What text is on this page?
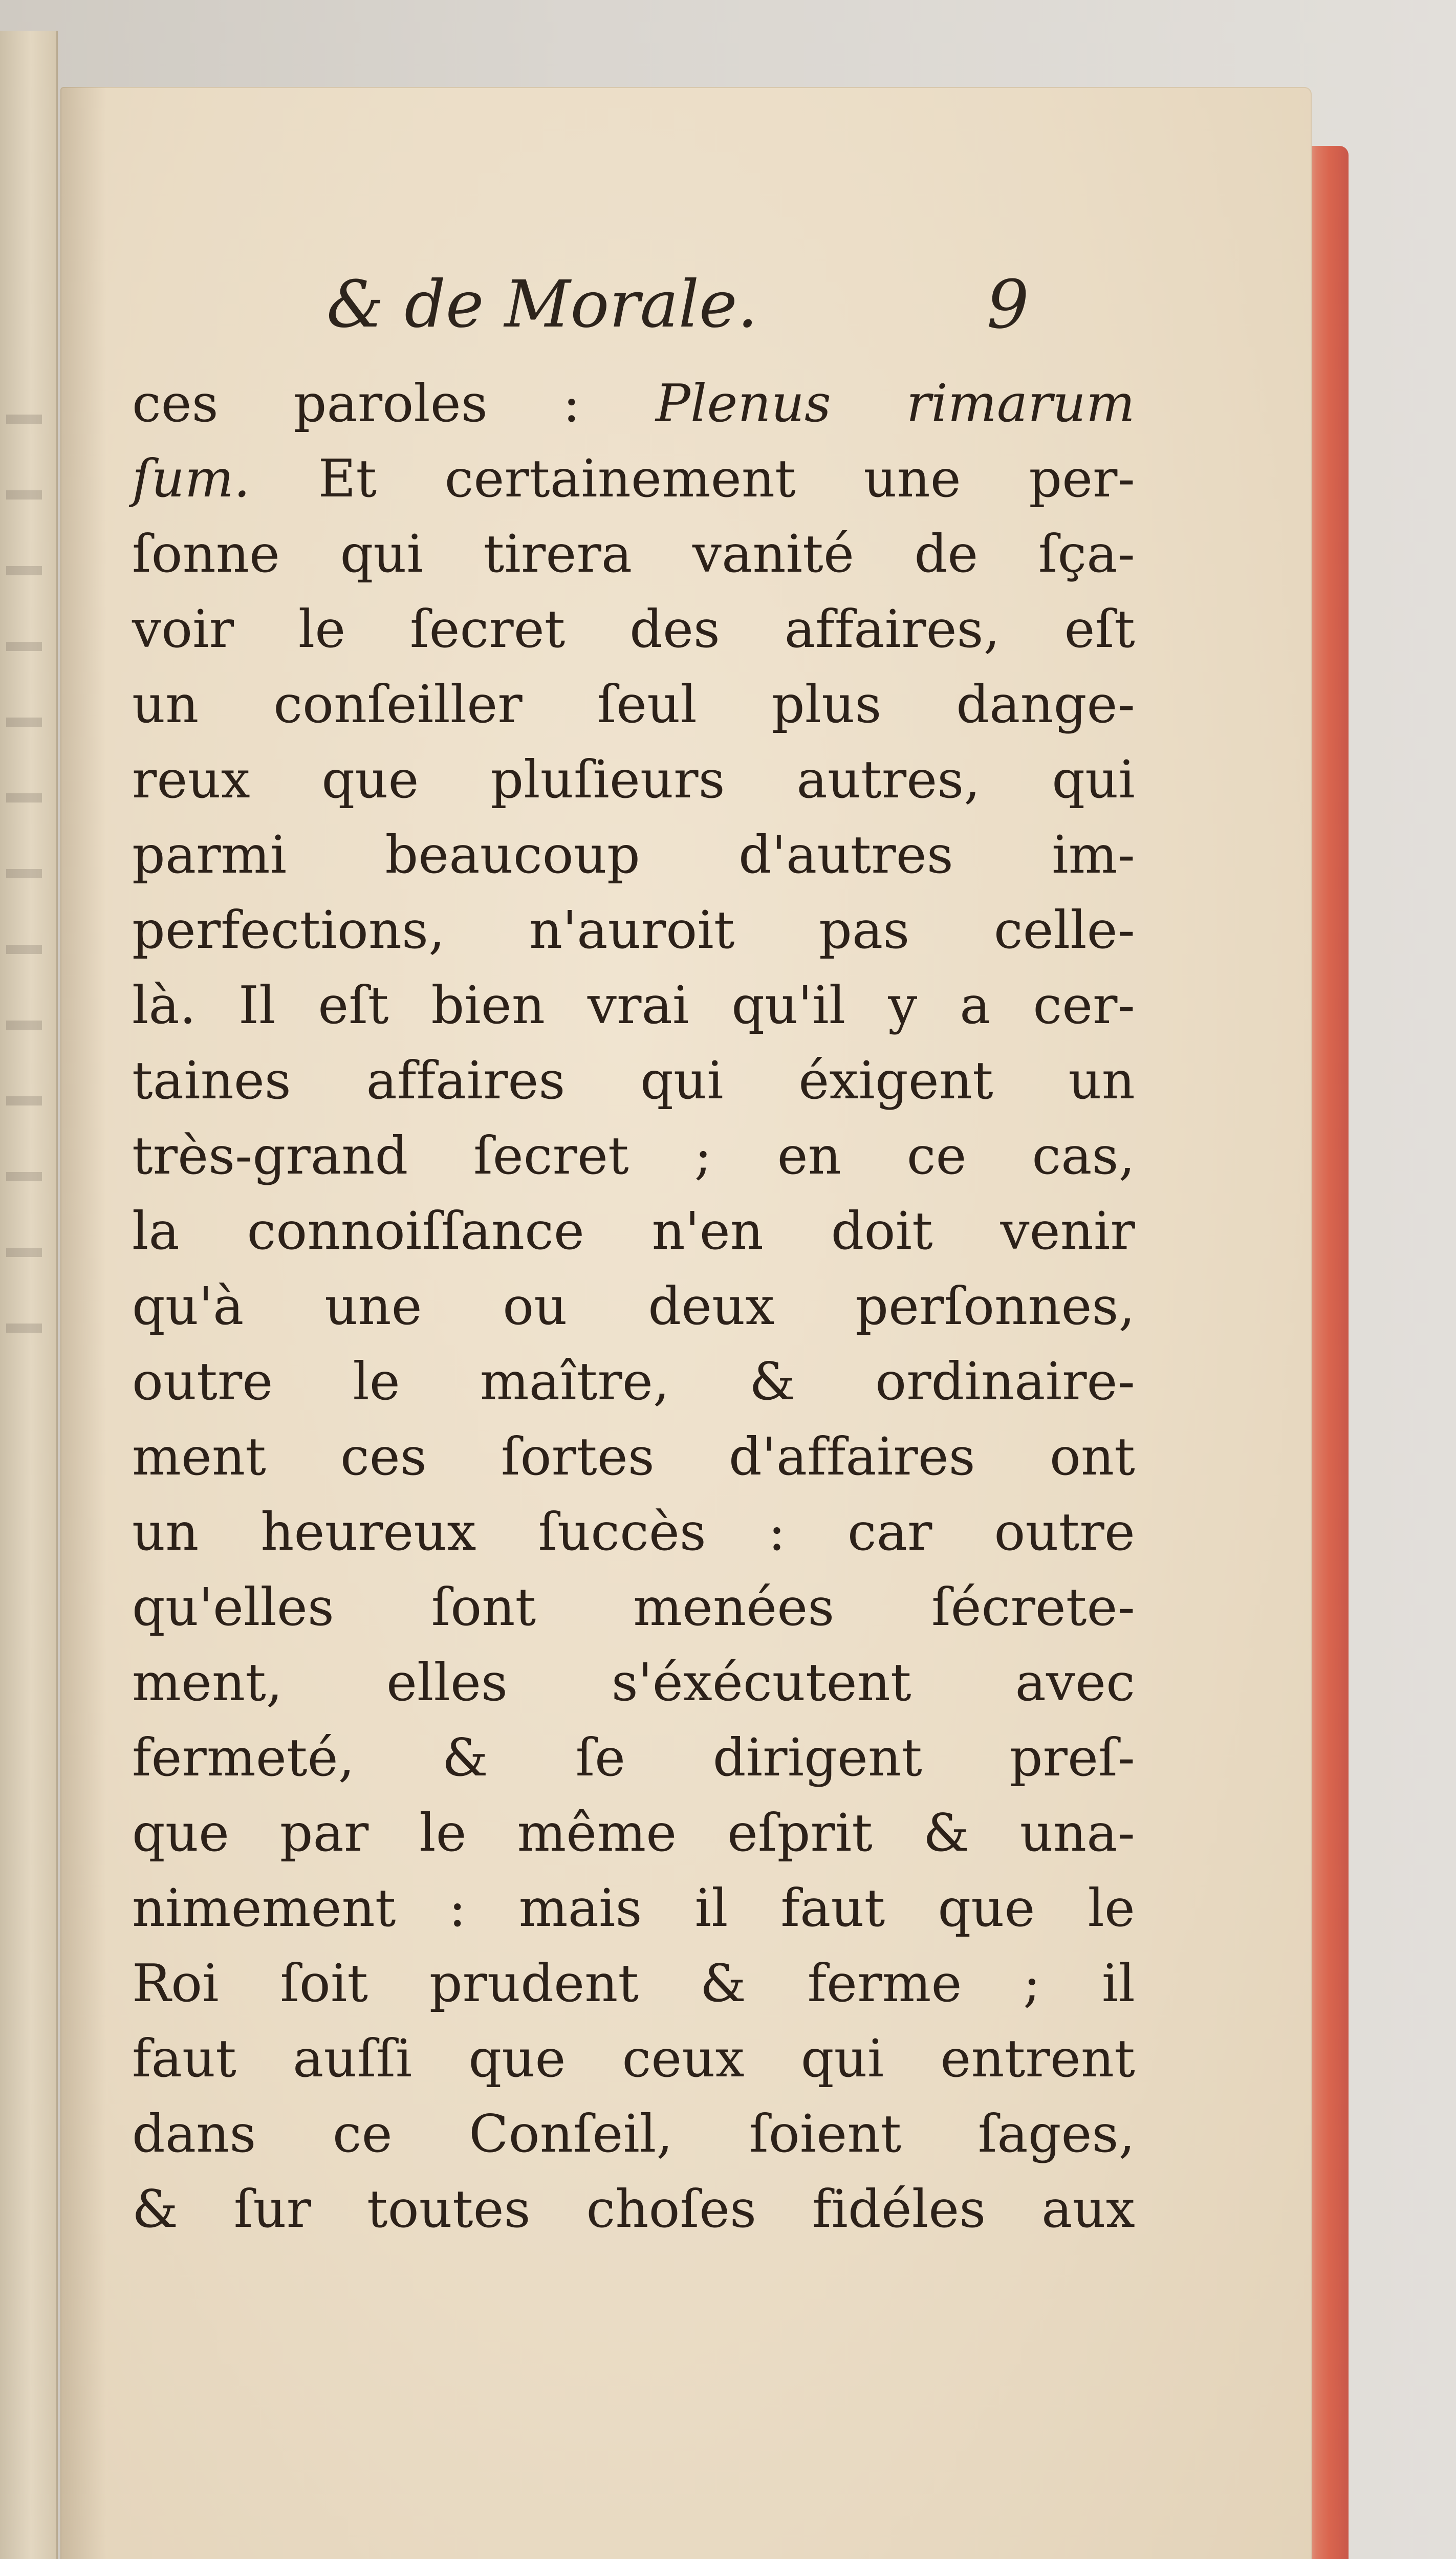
& de Morale.	9
ces paroles : Plenus rimarum
ſum. Et certainement une per-
ſonne qui tirera vanité de ſça-
voir le ſecret des affaires, eſt
un conſeiller ſeul plus dange-
reux que pluſieurs autres, qui
parmi beaucoup d'autres im-
perfections, n'auroit pas celle-
là. Il eſt bien vrai qu'il y a cer-
taines affaires qui éxigent un
très-grand ſecret ; en ce cas,
la connoiſſance n'en doit venir
qu'à une ou deux perſonnes,
outre le maître, & ordinaire-
ment ces ſortes d'affaires ont
un heureux ſuccès : car outre
qu'elles ſont menées ſécrete-
ment, elles s'éxécutent avec
fermeté, & ſe dirigent preſ-
que par le même eſprit & una-
nimement : mais il faut que le
Roi ſoit prudent & ferme ; il
faut auſſi que ceux qui entrent
dans ce Conſeil, ſoient ſages,
& ſur toutes choſes fidéles aux
